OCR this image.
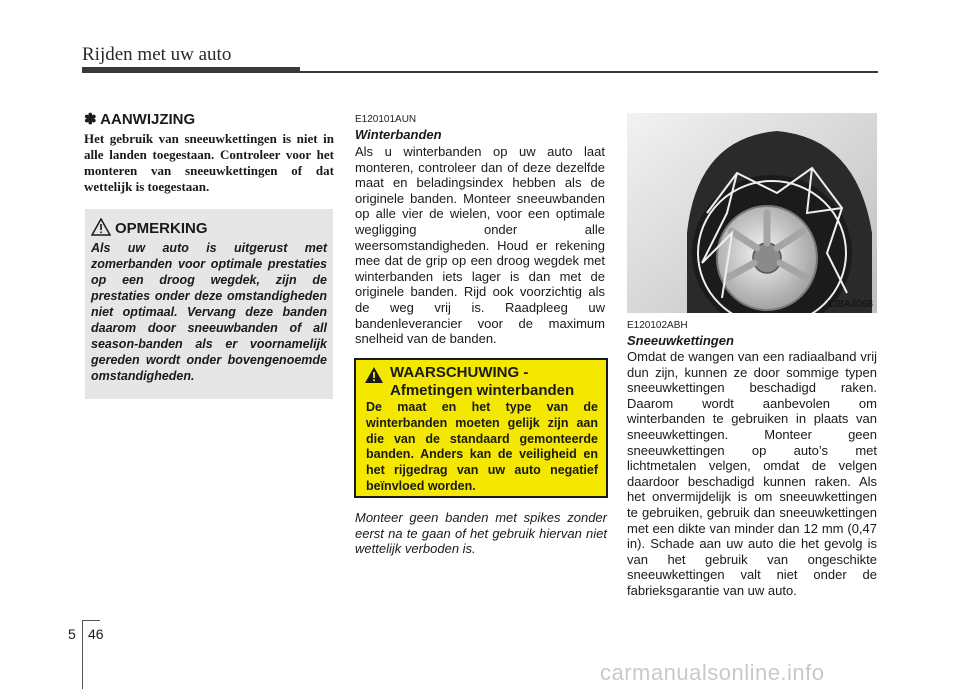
Rijden met uw auto
✽ AANWIJZING
Het gebruik van sneeuwkettingen is niet in alle landen toegestaan. Controleer voor het monteren van sneeuwkettingen of dat wettelijk is toegestaan.
OPMERKING
Als uw auto is uitgerust met zomerbanden voor optimale prestaties op een droog wegdek, zijn de prestaties onder deze omstandigheden niet optimaal. Vervang deze banden daarom door sneeuwbanden of all season-banden als er voornamelijk gereden wordt onder bovengenoemde omstandigheden.
E120101AUN
Winterbanden
Als u winterbanden op uw auto laat monteren, controleer dan of deze dezelfde maat en beladingsindex hebben als de originele banden. Monteer sneeuwbanden op alle vier de wielen, voor een optimale wegligging onder alle weersomstandigheden. Houd er rekening mee dat de grip op een droog wegdek met winterbanden iets lager is dan met de originele banden. Rijd ook voorzichtig als de weg vrij is. Raadpleeg uw bandenleverancier voor de maximum snelheid van de banden.
WAARSCHUWING -
Afmetingen winterbanden
De maat en het type van de winterbanden moeten gelijk zijn aan die van de standaard gemonteerde banden. Anders kan de veiligheid en het rijgedrag van uw auto negatief beïnvloed worden.
Monteer geen banden met spikes zonder eerst na te gaan of het gebruik hiervan niet wettelijk verboden is.
1JBA4068
E120102ABH
Sneeuwkettingen
Omdat de wangen van een radiaalband vrij dun zijn, kunnen ze door sommige typen sneeuwkettingen beschadigd raken. Daarom wordt aanbevolen om winterbanden te gebruiken in plaats van sneeuwkettingen. Monteer geen sneeuwkettingen op auto’s met lichtmetalen velgen, omdat de velgen daardoor beschadigd kunnen raken. Als het onvermijdelijk is om sneeuwkettingen te gebruiken, gebruik dan sneeuwkettingen met een dikte van minder dan 12 mm (0,47 in). Schade aan uw auto die het gevolg is van het gebruik van ongeschikte sneeuwkettingen valt niet onder de fabrieksgarantie van uw auto.
5 46
carmanualsonline.info
